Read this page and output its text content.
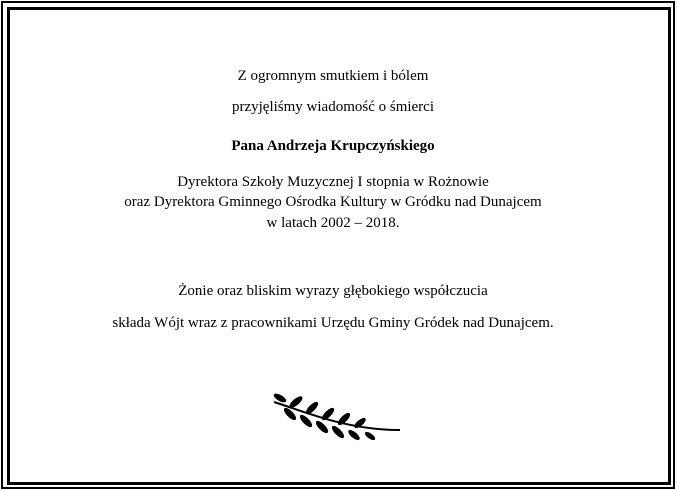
Z ogromnym smutkiem i bólem
przyjęliśmy wiadomość o śmierci
Pana Andrzeja Krupczyńskiego
Dyrektora Szkoły Muzycznej I stopnia w Rożnowie
oraz Dyrektora Gminnego Ośrodka Kultury w Gródku nad Dunajcem
w latach 2002 – 2018.
Żonie oraz bliskim wyrazy głębokiego współczucia
składa Wójt wraz z pracownikami Urzędu Gminy Gródek nad Dunajcem.
